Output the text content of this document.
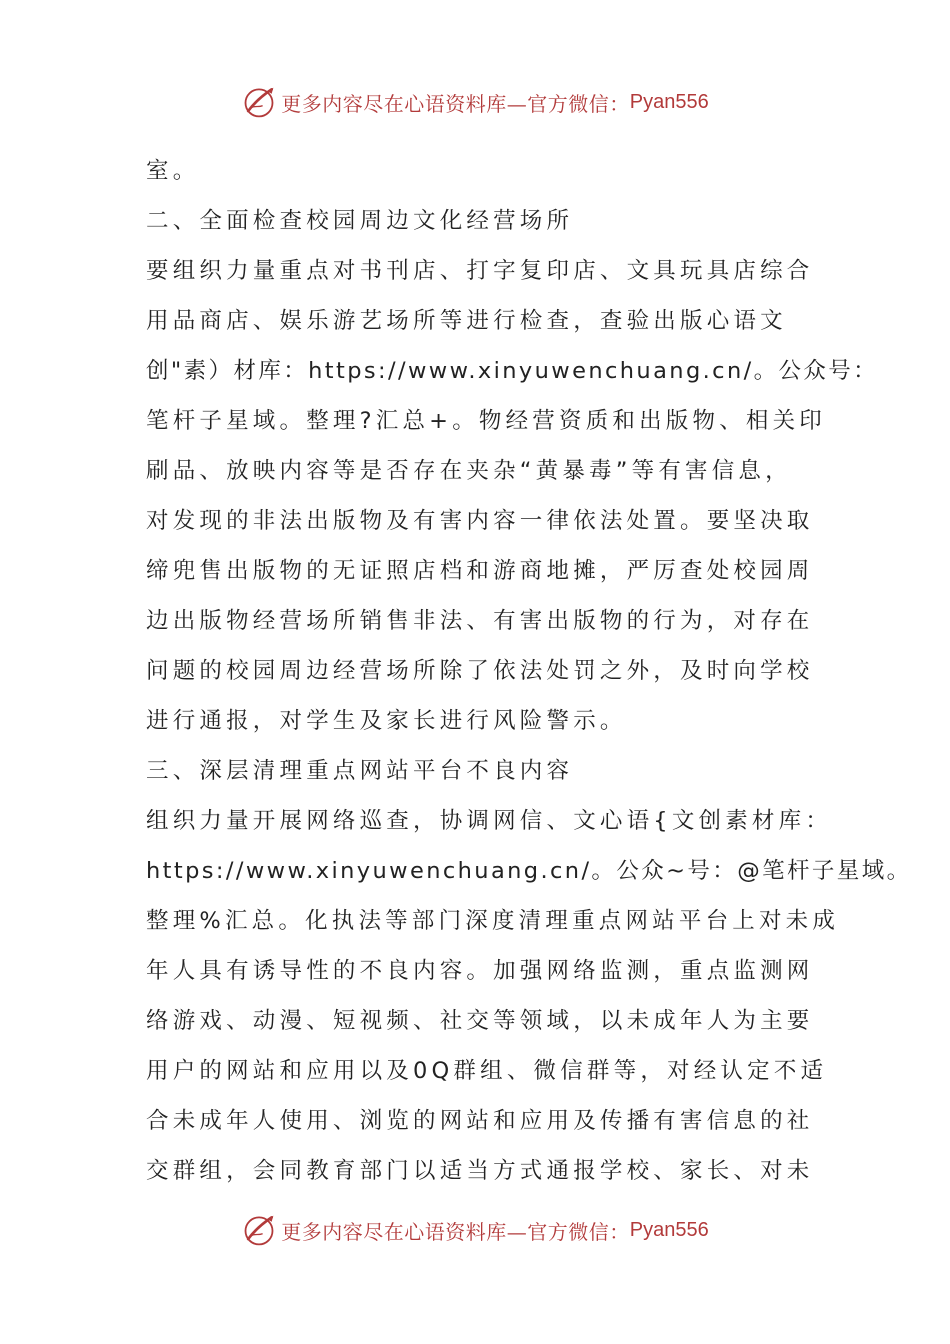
更多内容尽在心语资料库—官方微信： Pyan556
室。
二、全面检查校园周边文化经营场所
要组织力量重点对书刊店、打字复印店、文具玩具店综合
用品商店、娱乐游艺场所等进行检查，查验出版心语文
创"素）材库：https://www.xinyuwenchuang.cn/。公众号：
笔杆子星域。整理?汇总+。物经营资质和出版物、相关印
刷品、放映内容等是否存在夹杂“黄暴毒”等有害信息，
对发现的非法出版物及有害内容一律依法处置。要坚决取
缔兜售出版物的无证照店档和游商地摊，严厉查处校园周
边出版物经营场所销售非法、有害出版物的行为，对存在
问题的校园周边经营场所除了依法处罚之外，及时向学校
进行通报，对学生及家长进行风险警示。
三、深层清理重点网站平台不良内容
组织力量开展网络巡查，协调网信、文心语{文创素材库：
https://www.xinyuwenchuang.cn/。公众~号：@笔杆子星域。
整理%汇总。化执法等部门深度清理重点网站平台上对未成
年人具有诱导性的不良内容。加强网络监测，重点监测网
络游戏、动漫、短视频、社交等领域，以未成年人为主要
用户的网站和应用以及0Q群组、微信群等，对经认定不适
合未成年人使用、浏览的网站和应用及传播有害信息的社
交群组，会同教育部门以适当方式通报学校、家长、对未
更多内容尽在心语资料库—官方微信： Pyan556
